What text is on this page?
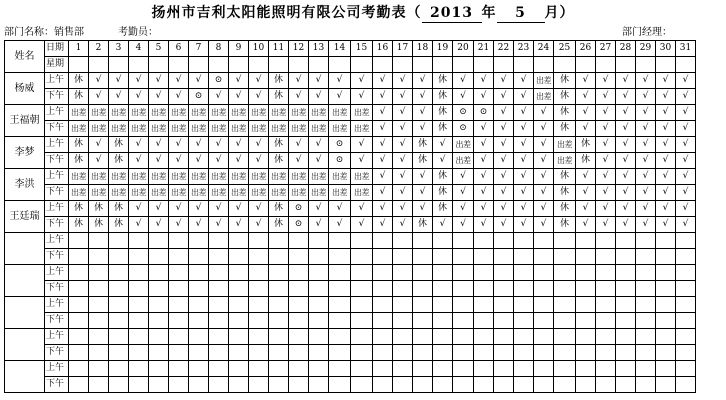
扬州市吉利太阳能照明有限公司考勤表（ 2013 年 5 月）
部门名称：销售部	考勤员：	部门经理：
姓名	日期	1	2	3	4	5	6	7	8	9	10	11	12	13	14	15	16	17	18	19	20	21	22	23	24	25	26	27	28	29	30	31
	星期																															
杨威	上午	休	√	√	√	√	√	√	⊙	√	√	休	√	√	√	√	√	√	√	休	√	√	√	√	出差	休	√	√	√	√	√	√
	下午	休	√	√	√	√	√	⊙	√	√	√	休	√	√	√	√	√	√	√	休	√	√	√	√	出差	休	√	√	√	√	√	√
王福朝	上午	出差	出差	出差	出差	出差	出差	出差	出差	出差	出差	出差	出差	出差	出差	出差	√	√	√	休	⊙	⊙	√	√	√	休	√	√	√	√	√	√
	下午	出差	出差	出差	出差	出差	出差	出差	出差	出差	出差	出差	出差	出差	出差	出差	√	√	√	休	⊙	√	√	√	√	休	√	√	√	√	√	√
李梦	上午	休	√	休	√	√	√	√	√	√	√	休	√	√	⊙	√	√	√	休	√	出差	√	√	√	√	出差	休	√	√	√	√	√
	下午	休	√	休	√	√	√	√	√	√	√	休	√	√	⊙	√	√	√	休	√	出差	√	√	√	√	出差	休	√	√	√	√	√
李洪	上午	出差	出差	出差	出差	出差	出差	出差	出差	出差	出差	出差	出差	出差	出差	出差	√	√	√	休	√	√	√	√	√	休	√	√	√	√	√	√
	下午	出差	出差	出差	出差	出差	出差	出差	出差	出差	出差	出差	出差	出差	出差	出差	√	√	√	休	√	√	√	√	√	休	√	√	√	√	√	√
王廷瑞	上午	休	休	休	√	√	√	√	√	√	√	休	⊙	√	√	√	√	√	√	休	√	√	√	√	√	休	√	√	√	√	√	√
	下午	休	休	休	√	√	√	√	√	√	√	休	⊙	√	√	√	√	√	休	√	√	√	√	√	√	休	√	√	√	√	√	√
	上午																															
	下午																															
	上午																															
	下午																															
	上午																															
	下午																															
	上午																															
	下午																															
	上午																															
	下午																															
